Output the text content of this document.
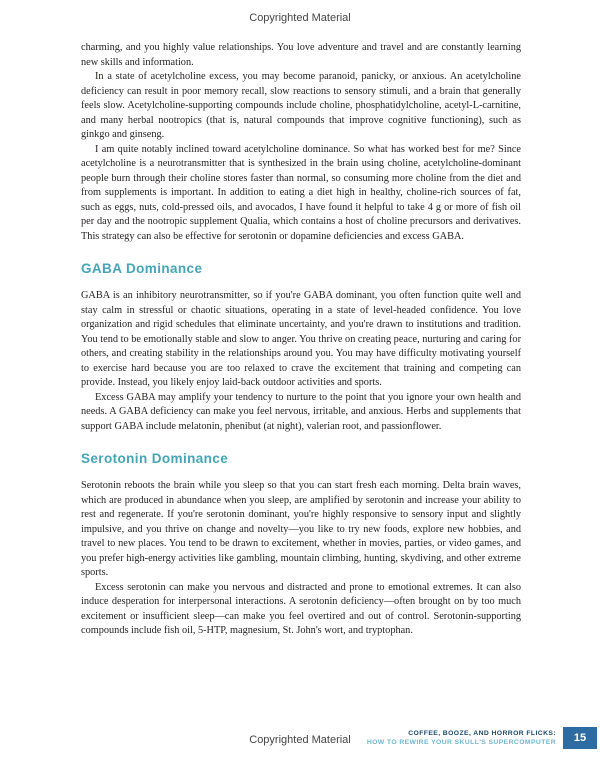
Copyrighted Material

charming, and you highly value relationships. You love adventure and travel and are constantly learning new skills and information.

In a state of acetylcholine excess, you may become paranoid, panicky, or anxious. An acetylcholine deficiency can result in poor memory recall, slow reactions to sensory stimuli, and a brain that generally feels slow. Acetylcholine-supporting compounds include choline, phosphatidylcholine, acetyl-L-carnitine, and many herbal nootropics (that is, natural compounds that improve cognitive functioning), such as ginkgo and ginseng.

I am quite notably inclined toward acetylcholine dominance. So what has worked best for me? Since acetylcholine is a neurotransmitter that is synthesized in the brain using choline, acetylcholine-dominant people burn through their choline stores faster than normal, so consuming more choline from the diet and from supplements is important. In addition to eating a diet high in healthy, choline-rich sources of fat, such as eggs, nuts, cold-pressed oils, and avocados, I have found it helpful to take 4 g or more of fish oil per day and the nootropic supplement Qualia, which contains a host of choline precursors and derivatives. This strategy can also be effective for serotonin or dopamine deficiencies and excess GABA.

GABA Dominance

GABA is an inhibitory neurotransmitter, so if you're GABA dominant, you often function quite well and stay calm in stressful or chaotic situations, operating in a state of level-headed confidence. You love organization and rigid schedules that eliminate uncertainty, and you're drawn to institutions and tradition. You tend to be emotionally stable and slow to anger. You thrive on creating peace, nurturing and caring for others, and creating stability in the relationships around you. You may have difficulty motivating yourself to exercise hard because you are too relaxed to crave the excitement that training and competing can provide. Instead, you likely enjoy laid-back outdoor activities and sports.

Excess GABA may amplify your tendency to nurture to the point that you ignore your own health and needs. A GABA deficiency can make you feel nervous, irritable, and anxious. Herbs and supplements that support GABA include melatonin, phenibut (at night), valerian root, and passionflower.

Serotonin Dominance

Serotonin reboots the brain while you sleep so that you can start fresh each morning. Delta brain waves, which are produced in abundance when you sleep, are amplified by serotonin and increase your ability to rest and regenerate. If you're serotonin dominant, you're highly responsive to sensory input and slightly impulsive, and you thrive on change and novelty—you like to try new foods, explore new hobbies, and travel to new places. You tend to be drawn to excitement, whether in movies, parties, or video games, and you prefer high-energy activities like gambling, mountain climbing, hunting, skydiving, and other extreme sports.

Excess serotonin can make you nervous and distracted and prone to emotional extremes. It can also induce desperation for interpersonal interactions. A serotonin deficiency—often brought on by too much excitement or insufficient sleep—can make you feel overtired and out of control. Serotonin-supporting compounds include fish oil, 5-HTP, magnesium, St. John's wort, and tryptophan.

Copyrighted Material
COFFEE, BOOZE, AND HORROR FLICKS:
HOW TO REWIRE YOUR SKULL'S SUPERCOMPUTER	15
